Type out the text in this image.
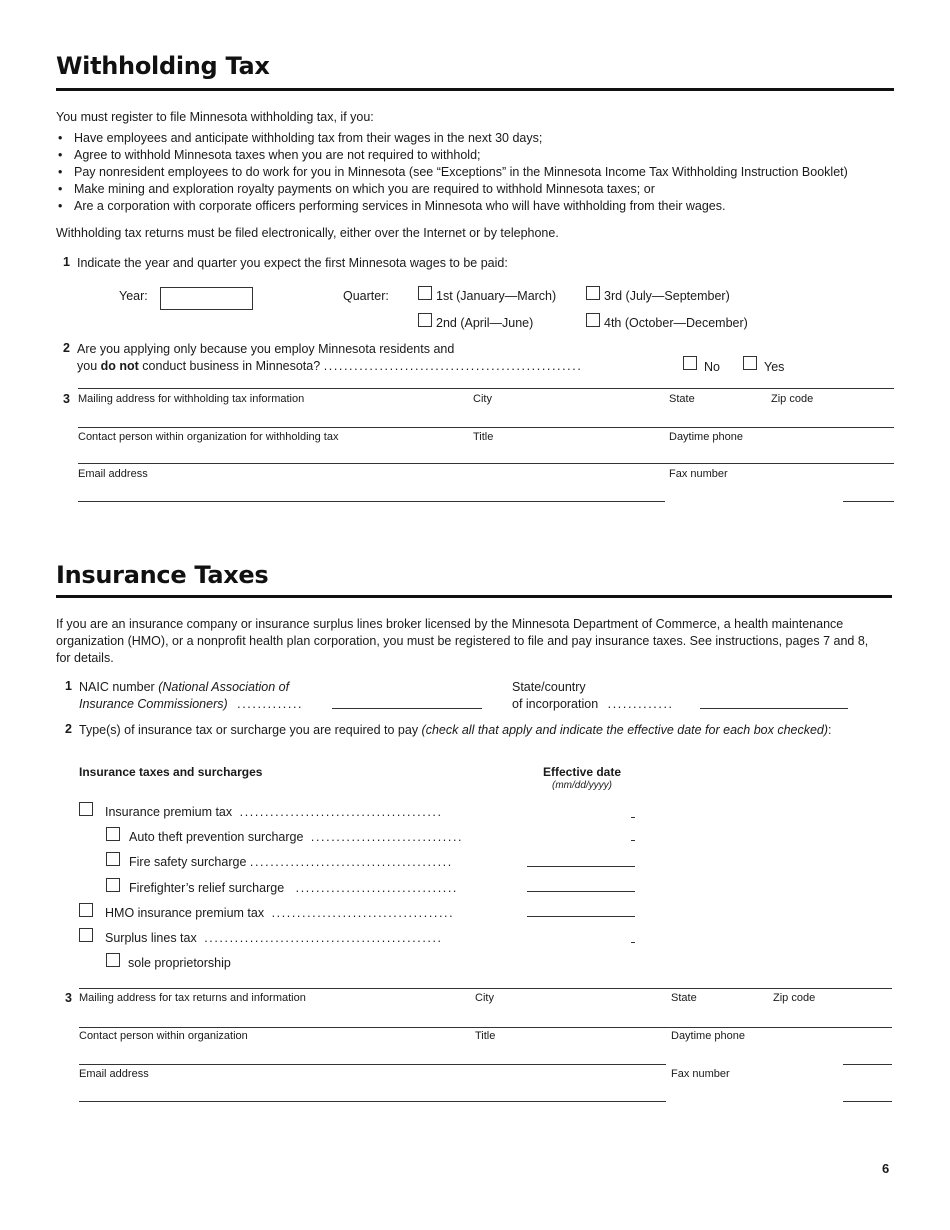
Withholding Tax
You must register to file Minnesota withholding tax, if you:
• Have employees and anticipate withholding tax from their wages in the next 30 days;
• Agree to withhold Minnesota taxes when you are not required to withhold;
• Pay nonresident employees to do work for you in Minnesota (see “Exceptions” in the Minnesota Income Tax Withholding Instruction Booklet)
• Make mining and exploration royalty payments on which you are required to withhold Minnesota taxes; or
• Are a corporation with corporate officers performing services in Minnesota who will have withholding from their wages.
Withholding tax returns must be filed electronically, either over the Internet or by telephone.
1 Indicate the year and quarter you expect the first Minnesota wages to be paid:
Year:	Quarter:	1st (January—March)
2nd (April—June)
3rd (July—September)
4th (October—December)
2 Are you applying only because you employ Minnesota residents and
you do not conduct business in Minnesota? ...................................................	No	Yes
3 Mailing address for withholding tax information	City	State	Zip code
Contact person within organization for withholding tax	Title	Daytime phone
Email address	Fax number
Insurance Taxes
If you are an insurance company or insurance surplus lines broker licensed by the Minnesota Department of Commerce, a health maintenance
organization (HMO), or a nonprofit health plan corporation, you must be registered to file and pay insurance taxes. See instructions, pages 7 and 8,
for details.
1 NAIC number (National Association of
Insurance Commissioners) .............
State/country
of incorporation .............
2 Type(s) of insurance tax or surcharge you are required to pay (check all that apply and indicate the effective date for each box checked):
Insurance taxes and surcharges	Effective date
(mm/dd/yyyy)
Insurance premium tax ........................................
Auto theft prevention surcharge ..............................
Fire safety surcharge ........................................
Firefighter’s relief surcharge ................................
HMO insurance premium tax ....................................
Surplus lines tax ...............................................
sole proprietorship
3 Mailing address for tax returns and information	City	State	Zip code
Contact person within organization	Title	Daytime phone
Email address	Fax number
6
